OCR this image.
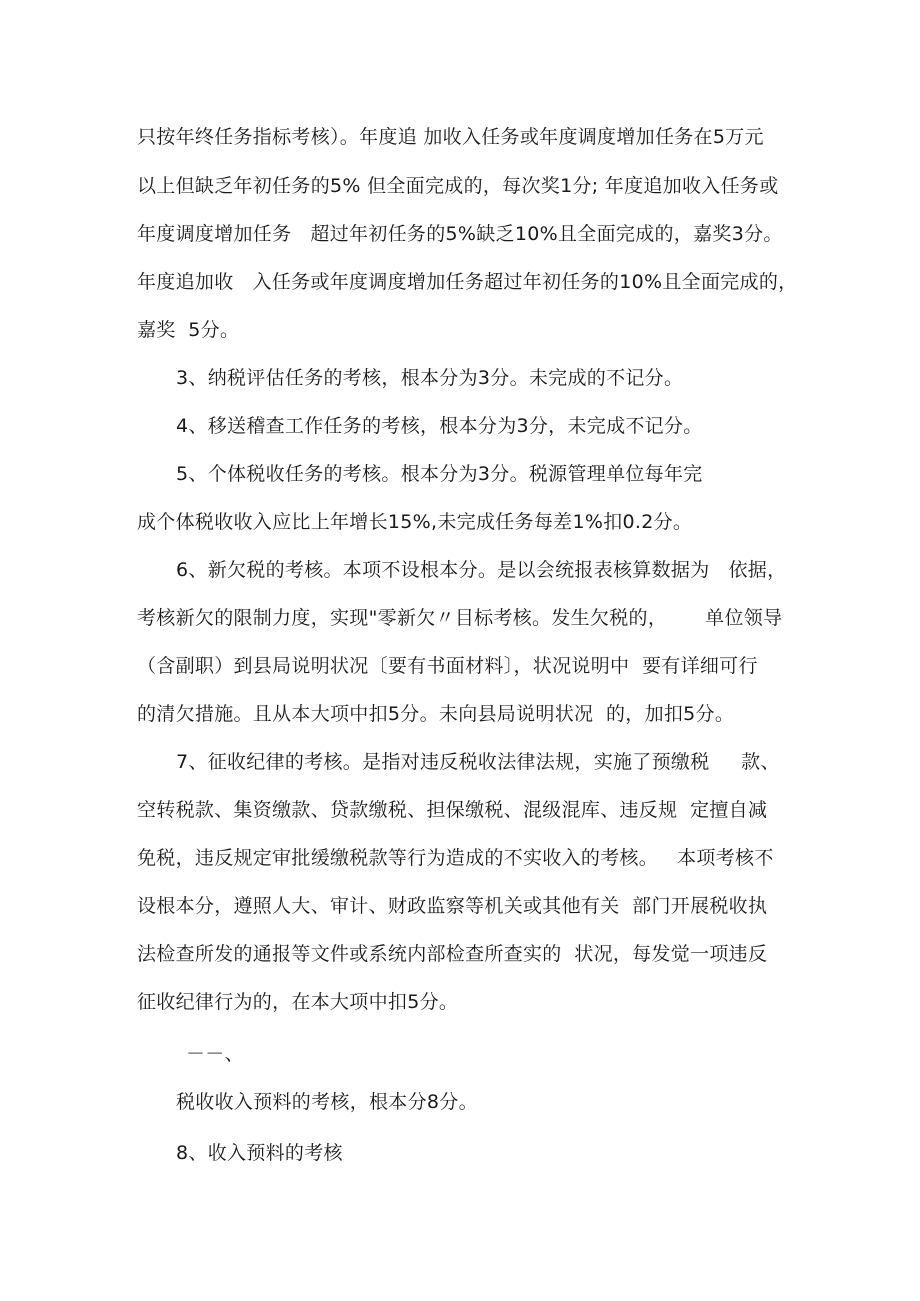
只按年终任务指标考核）。年度追 加收入任务或年度调度增加任务在5万元
以上但缺乏年初任务的5% 但全面完成的，每次奖1分; 年度追加收入任务或
年度调度增加任务   超过年初任务的5%缺乏10%且全面完成的，嘉奖3分。
年度追加收   入任务或年度调度增加任务超过年初任务的10%且全面完成的，
嘉奖  5分。
3、纳税评估任务的考核，根本分为3分。未完成的不记分。
4、移送稽查工作任务的考核，根本分为3分，未完成不记分。
5、个体税收任务的考核。根本分为3分。税源管理单位每年完
成个体税收收入应比上年增长15%,未完成任务每差1%扣0.2分。
6、新欠税的考核。本项不设根本分。是以会统报表核算数据为   依据，
考核新欠的限制力度，实现"零新欠〃目标考核。发生欠税的，      单位领导
（含副职）到县局说明状况〔要有书面材料〕，状况说明中  要有详细可行
的清欠措施。且从本大项中扣5分。未向县局说明状况  的，加扣5分。
7、征收纪律的考核。是指对违反税收法律法规，实施了预缴税     款、
空转税款、集资缴款、贷款缴税、担保缴税、混级混库、违反规  定擅自减
免税，违反规定审批缓缴税款等行为造成的不实收入的考核。   本项考核不
设根本分，遵照人大、审计、财政监察等机关或其他有关  部门开展税收执
法检查所发的通报等文件或系统内部检查所查实的  状况，每发觉一项违反
征收纪律行为的，在本大项中扣5分。
－－、
税收收入预料的考核，根本分8分。
8、收入预料的考核
